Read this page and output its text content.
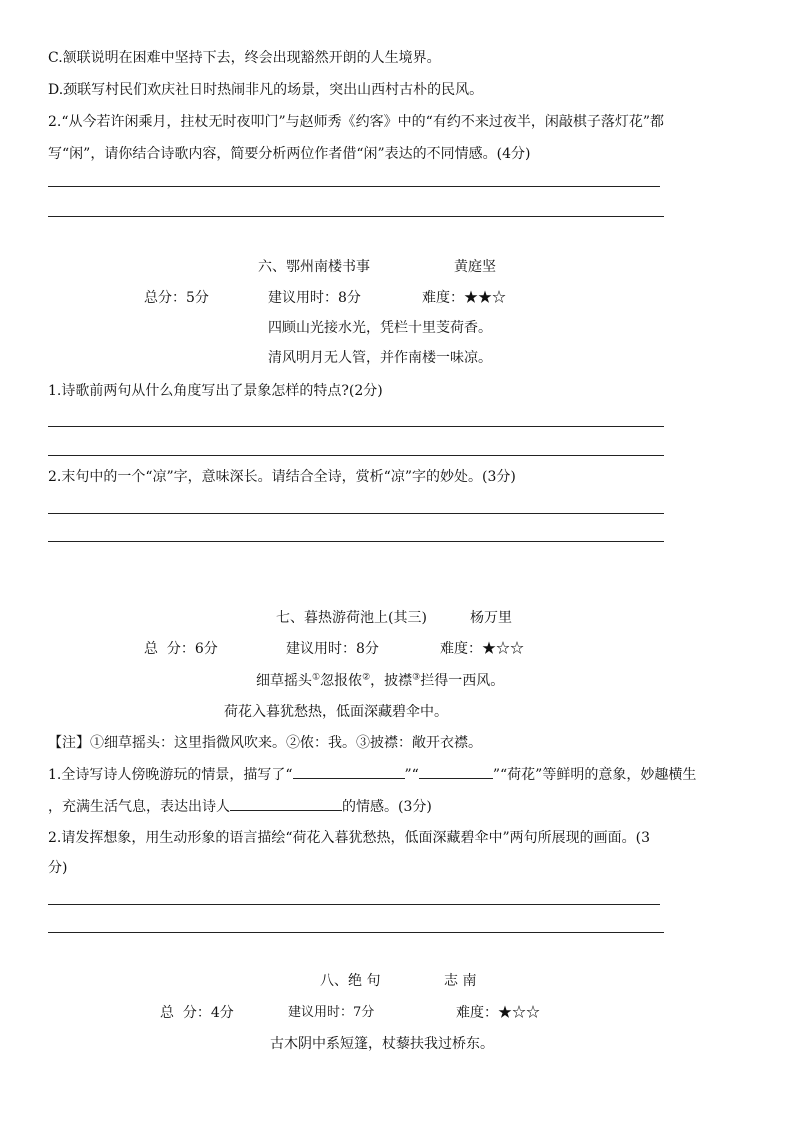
C.颔联说明在困难中坚持下去，终会出现豁然开朗的人生境界。
D.颈联写村民们欢庆社日时热闹非凡的场景，突出山西村古朴的民风。
2.“从今若许闲乘月，拄杖无时夜叩门”与赵师秀《约客》中的“有约不来过夜半，闲敲棋子落灯花”都
写“闲”，请你结合诗歌内容，简要分析两位作者借“闲”表达的不同情感。(4分)
六、鄂州南楼书事	黄庭坚
总分：5分	建议用时：8分	难度：★★☆
四顾山光接水光，凭栏十里芰荷香。
清风明月无人管，并作南楼一味凉。
1.诗歌前两句从什么角度写出了景象怎样的特点?(2分)
2.末句中的一个“凉”字，意味深长。请结合全诗，赏析“凉”字的妙处。(3分)
七、暮热游荷池上(其三)	杨万里
总  分：6分	建议用时：8分	难度：★☆☆
细草摇头①忽报侬②，披襟③拦得一西风。
荷花入暮犹愁热，低面深藏碧伞中。
【注】①细草摇头：这里指微风吹来。②侬：我。③披襟：敞开衣襟。
1.全诗写诗人傍晚游玩的情景，描写了“	”“	”“荷花”等鲜明的意象，妙趣横生
，充满生活气息，表达出诗人	的情感。(3分)
2.请发挥想象，用生动形象的语言描绘“荷花入暮犹愁热，低面深藏碧伞中”两句所展现的画面。(3
分)
八、绝 句	志 南
总  分：4分	建议用时：7分	难度：★☆☆
古木阴中系短篷，杖藜扶我过桥东。
